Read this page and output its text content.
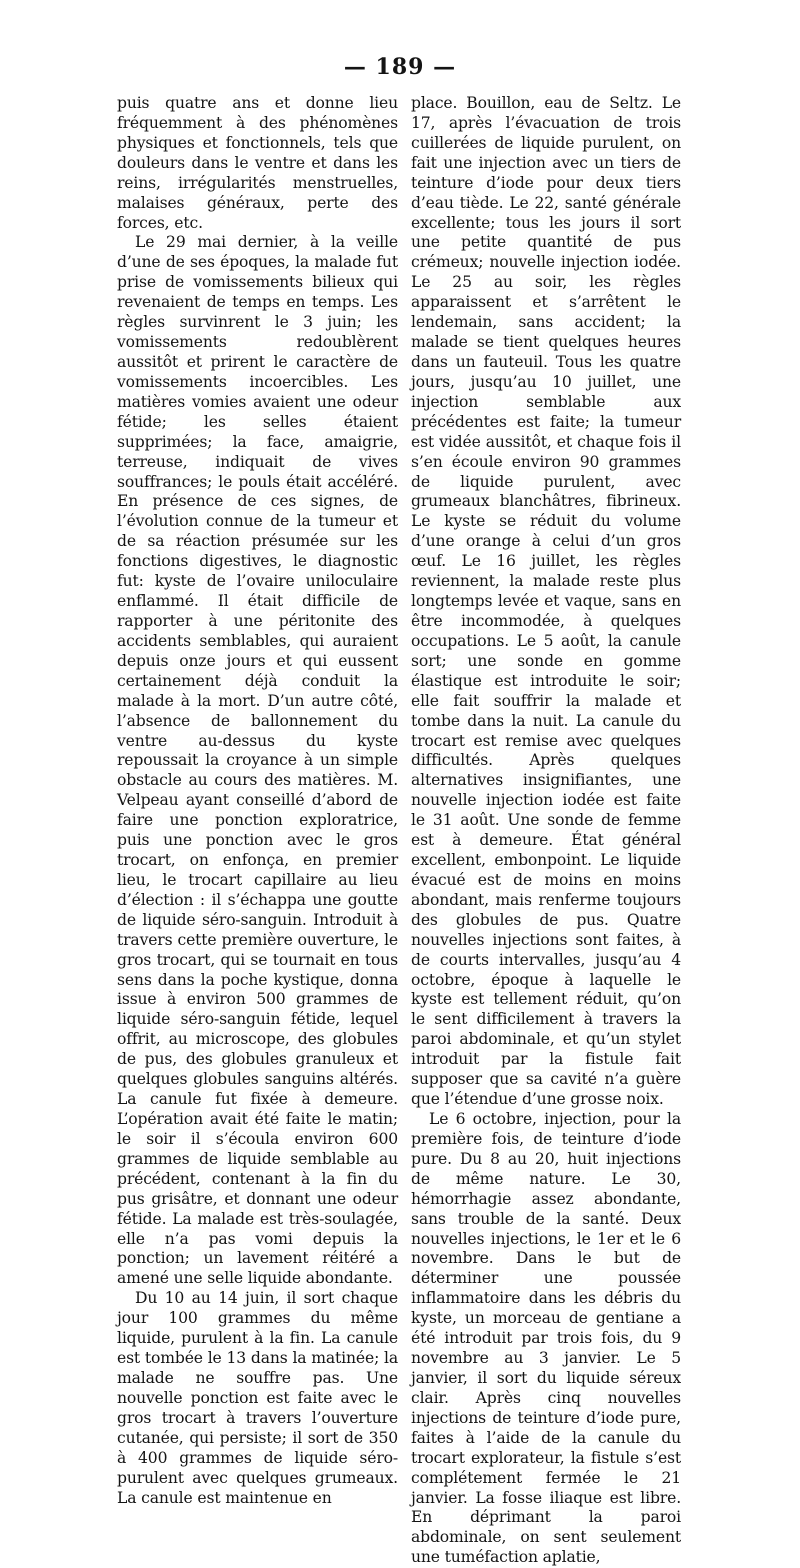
— 189 —

puis quatre ans et donne lieu fréquemment à des phénomènes physiques et fonctionnels, tels que douleurs dans le ventre et dans les reins, irrégularités menstruelles, malaises généraux, perte des forces, etc.

Le 29 mai dernier, à la veille d’une de ses époques, la malade fut prise de vomissements bilieux qui revenaient de temps en temps. Les règles survinrent le 3 juin; les vomissements redoublèrent aussitôt et prirent le caractère de vomissements incoercibles. Les matières vomies avaient une odeur fétide; les selles étaient supprimées; la face, amaigrie, terreuse, indiquait de vives souffrances; le pouls était accéléré. En présence de ces signes, de l’évolution connue de la tumeur et de sa réaction présumée sur les fonctions digestives, le diagnostic fut: kyste de l’ovaire uniloculaire enflammé. Il était difficile de rapporter à une péritonite des accidents semblables, qui auraient depuis onze jours et qui eussent certainement déjà conduit la malade à la mort. D’un autre côté, l’absence de ballonnement du ventre au-dessus du kyste repoussait la croyance à un simple obstacle au cours des matières. M. Velpeau ayant conseillé d’abord de faire une ponction exploratrice, puis une ponction avec le gros trocart, on enfonça, en premier lieu, le trocart capillaire au lieu d’élection : il s’échappa une goutte de liquide séro-sanguin. Introduit à travers cette première ouverture, le gros trocart, qui se tournait en tous sens dans la poche kystique, donna issue à environ 500 grammes de liquide séro-sanguin fétide, lequel offrit, au microscope, des globules de pus, des globules granuleux et quelques globules sanguins altérés. La canule fut fixée à demeure. L’opération avait été faite le matin; le soir il s’écoula environ 600 grammes de liquide semblable au précédent, contenant à la fin du pus grisâtre, et donnant une odeur fétide. La malade est très-soulagée, elle n’a pas vomi depuis la ponction; un lavement réitéré a amené une selle liquide abondante.

Du 10 au 14 juin, il sort chaque jour 100 grammes du même liquide, purulent à la fin. La canule est tombée le 13 dans la matinée; la malade ne souffre pas. Une nouvelle ponction est faite avec le gros trocart à travers l’ouverture cutanée, qui persiste; il sort de 350 à 400 grammes de liquide séro-purulent avec quelques grumeaux. La canule est maintenue en

place. Bouillon, eau de Seltz. Le 17, après l’évacuation de trois cuillerées de liquide purulent, on fait une injection avec un tiers de teinture d’iode pour deux tiers d’eau tiède. Le 22, santé générale excellente; tous les jours il sort une petite quantité de pus crémeux; nouvelle injection iodée. Le 25 au soir, les règles apparaissent et s’arrêtent le lendemain, sans accident; la malade se tient quelques heures dans un fauteuil. Tous les quatre jours, jusqu’au 10 juillet, une injection semblable aux précédentes est faite; la tumeur est vidée aussitôt, et chaque fois il s’en écoule environ 90 grammes de liquide purulent, avec grumeaux blanchâtres, fibrineux. Le kyste se réduit du volume d’une orange à celui d’un gros œuf. Le 16 juillet, les règles reviennent, la malade reste plus longtemps levée et vaque, sans en être incommodée, à quelques occupations. Le 5 août, la canule sort; une sonde en gomme élastique est introduite le soir; elle fait souffrir la malade et tombe dans la nuit. La canule du trocart est remise avec quelques difficultés. Après quelques alternatives insignifiantes, une nouvelle injection iodée est faite le 31 août. Une sonde de femme est à demeure. État général excellent, embonpoint. Le liquide évacué est de moins en moins abondant, mais renferme toujours des globules de pus. Quatre nouvelles injections sont faites, à de courts intervalles, jusqu’au 4 octobre, époque à laquelle le kyste est tellement réduit, qu’on le sent difficilement à travers la paroi abdominale, et qu’un stylet introduit par la fistule fait supposer que sa cavité n’a guère que l’étendue d’une grosse noix.

Le 6 octobre, injection, pour la première fois, de teinture d’iode pure. Du 8 au 20, huit injections de même nature. Le 30, hémorrhagie assez abondante, sans trouble de la santé. Deux nouvelles injections, le 1er et le 6 novembre. Dans le but de déterminer une poussée inflammatoire dans les débris du kyste, un morceau de gentiane a été introduit par trois fois, du 9 novembre au 3 janvier. Le 5 janvier, il sort du liquide séreux clair. Après cinq nouvelles injections de teinture d’iode pure, faites à l’aide de la canule du trocart explorateur, la fistule s’est complétement fermée le 21 janvier. La fosse iliaque est libre. En déprimant la paroi abdominale, on sent seulement une tuméfaction aplatie,
